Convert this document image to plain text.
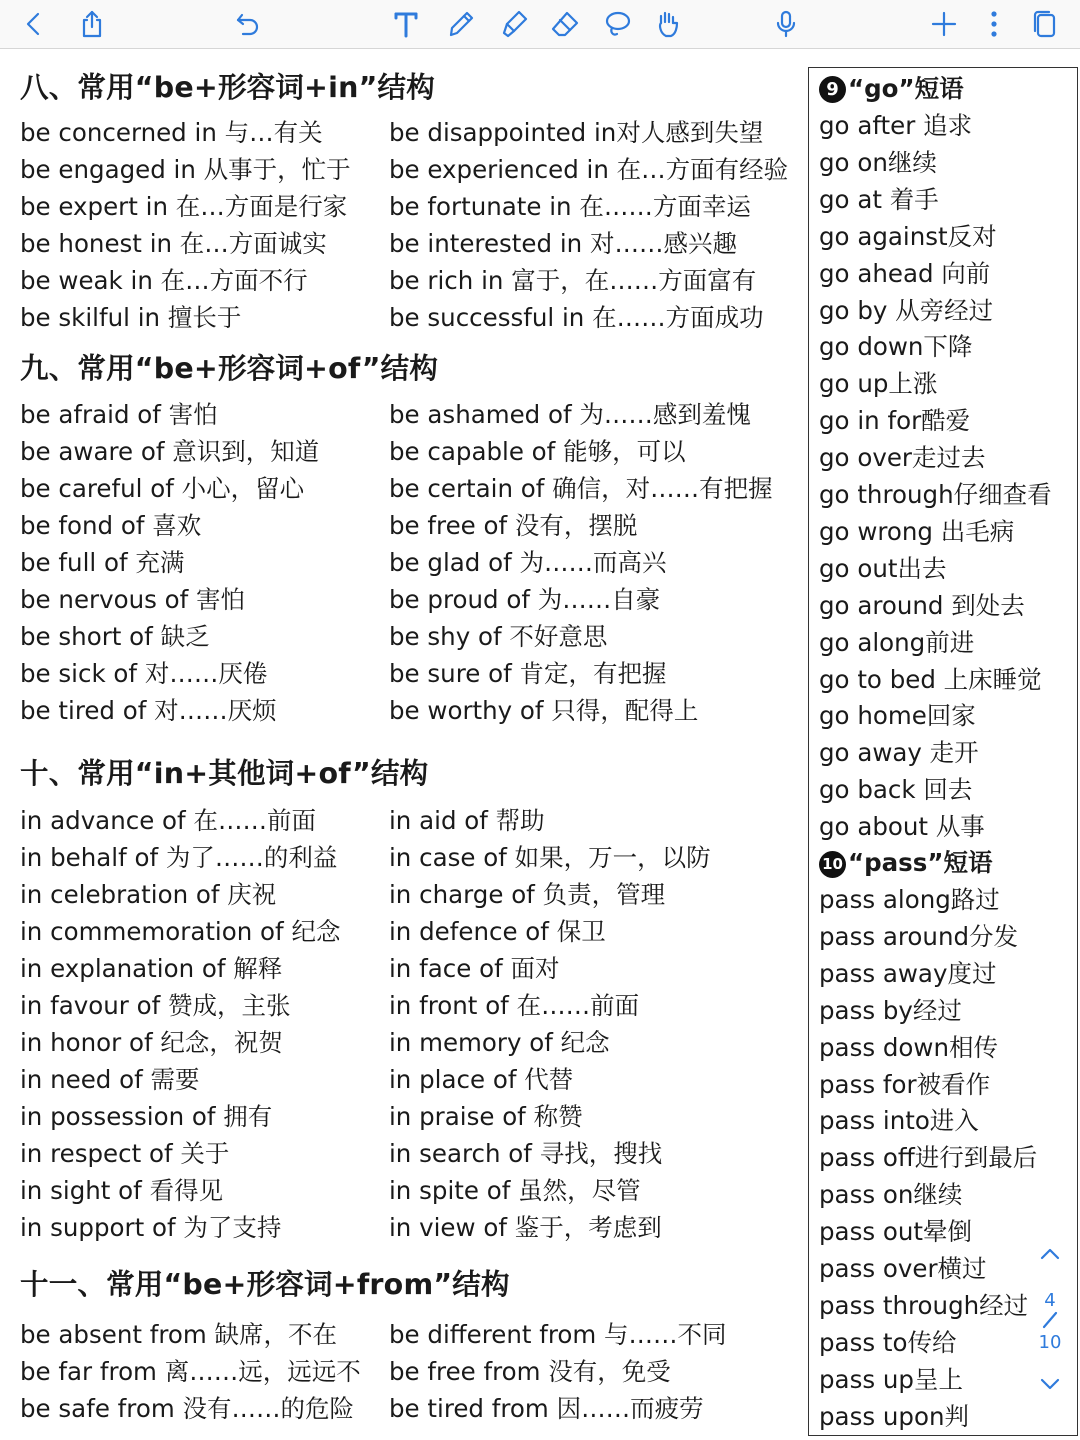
八、常用“be+形容词+in”结构
be concerned in 与…有关	be disappointed in对人感到失望
be engaged in 从事于，忙于 be experienced in 在…方面有经验
be expert in 在…方面是行家 be fortunate in 在……方面幸运
be honest in 在…方面诚实	be interested in 对……感兴趣
be weak in 在…方面不行	be rich in 富于，在……方面富有
be skilful in 擅长于	be successful in 在……方面成功
九、常用“be+形容词+of”结构
be afraid of 害怕	be ashamed of 为……感到羞愧
be aware of 意识到，知道	be capable of 能够，可以
be careful of 小心，留心	be certain of 确信，对……有把握
be fond of 喜欢	be free of 没有，摆脱
be full of 充满	be glad of 为……而高兴
be nervous of 害怕	be proud of 为……自豪
be short of 缺乏	be shy of 不好意思
be sick of 对……厌倦	be sure of 肯定，有把握
be tired of 对……厌烦	be worthy of 只得，配得上
十、常用“in+其他词+of”结构
in advance of 在……前面	in aid of 帮助
in behalf of 为了……的利益 in case of 如果，万一，以防
in celebration of 庆祝	in charge of 负责，管理
in commemoration of 纪念 in defence of 保卫
in explanation of 解释	in face of 面对
in favour of 赞成，主张	in front of 在……前面
in honor of 纪念，祝贺	in memory of 纪念
in need of 需要	in place of 代替
in possession of 拥有	in praise of 称赞
in respect of 关于	in search of 寻找，搜找
in sight of 看得见	in spite of 虽然，尽管
in support of 为了支持	in view of 鉴于，考虑到
十一、常用“be+形容词+from”结构
be absent from 缺席，不在 be different from 与……不同
be far from 离……远，远远不 be free from 没有，免受
be safe from 没有……的危险 be tired from 因……而疲劳
9 “go”短语
go after 追求
go on继续
go at 着手
go against反对
go ahead 向前
go by 从旁经过
go down下降
go up上涨
go in for酷爱
go over走过去
go through仔细查看
go wrong 出毛病
go out出去
go around 到处去
go along前进
go to bed 上床睡觉
go home回家
go away 走开
go back 回去
go about 从事
10 “pass”短语
pass along路过
pass around分发
pass away度过
pass by经过
pass down相传
pass for被看作
pass into进入
pass off进行到最后
pass on继续
pass out晕倒
pass over横过
pass through经过
pass to传给
pass up呈上
pass upon判
4
10
